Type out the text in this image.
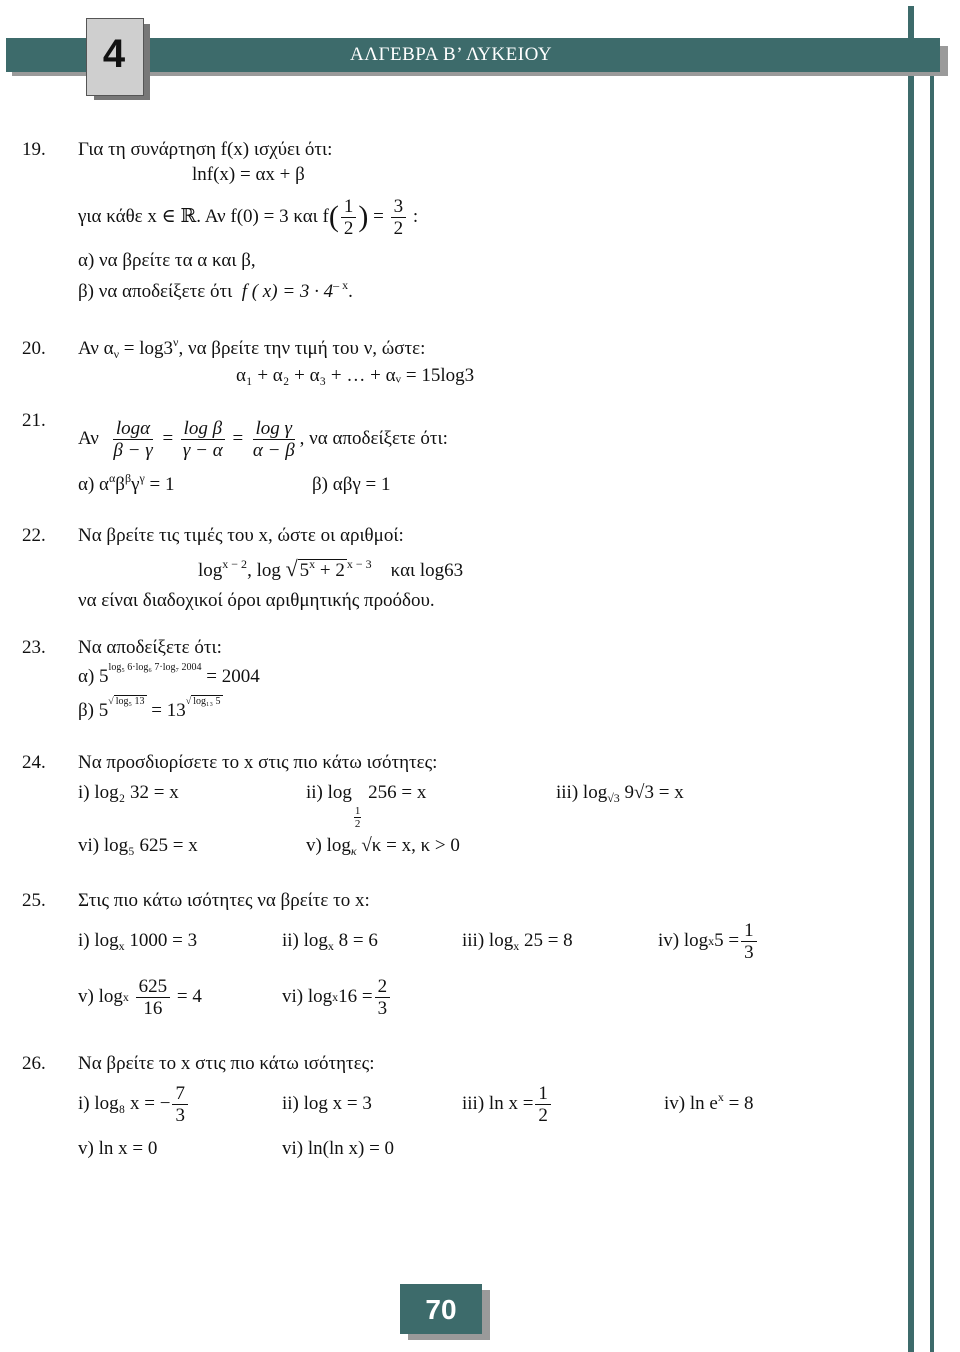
ΑΛΓΕΒΡΑ Β’ ΛΥΚΕΙΟΥ
4
19. Για τη συνάρτηση f(x) ισχύει ότι:
lnf(x) = αx + β
για κάθε
x ∈ ℝ . Αν f(0) = 3 και f ( $\frac{1}{2}$ )
=
$\frac{3}{2}$
:
α) να βρείτε τα α και β,
β) να αποδείξετε ότι f ( $x) = 3 \cdot 4^{- x}$.
20. Αν $\alpha_\nu = \log 3^\nu$, να βρείτε την τιμή του ν, ώστε:
α₁ + α₂ + α₃ + … + αᵥ = 15log3
21.
Αν
$\frac{\log\alpha}{\beta - \gamma} = \frac{\text{log β}}{\gamma - \alpha} = \frac{\text{log γ}}{\alpha - \beta}$ , να αποδείξετε ότι:
α) $\alpha^\alpha\beta^\beta\gamma^\gamma = 1$	β) αβγ = 1
22. Να βρείτε τις τιμές του x, ώστε οι αριθμοί:
$\log^{x - 2}$, log √ $5^x + 2$ $^{x - 3}$ και log63
να είναι διαδοχικοί όροι αριθμητικής προόδου.
23. Να αποδείξετε ότι:
α) $5^{log_5 6\cdot log_6 7\cdot log_7 2004} = 2004$
β) $5^{√ log_5 13} = 13^{√ log_{13} 5}$
24. Να προσδιορίσετε το x στις πιο κάτω ισότητες:
i) log₂ 32 = x	ii) log
$\frac{1}{2}$
256 = x	iii) $\log_{√3} 9√3 = x$
vi) log₅ 625 = x	v) $\log_\kappa √\kappa = x$, κ > 0
25. Στις πιο κάτω ισότητες να βρείτε το x:
i) $\log_x 1000 = 3$	ii) $\log_x 8 = 6$	iii) $\log_x 25 = 8$	iv) log x $5 = \frac{1}{3}$
v) log x
$\frac{625}{16}$
= 4	vi) log x $16 = \frac{2}{3}$
26. Να βρείτε το x στις πιο κάτω ισότητες:
i) log₈ x = − $\frac{7}{3}$	ii) log x = 3	iii) $\ln x = \frac{1}{2}$	iv) $\ln e^x = 8$
v) ln x = 0	vi) ln(ln x) = 0
70
